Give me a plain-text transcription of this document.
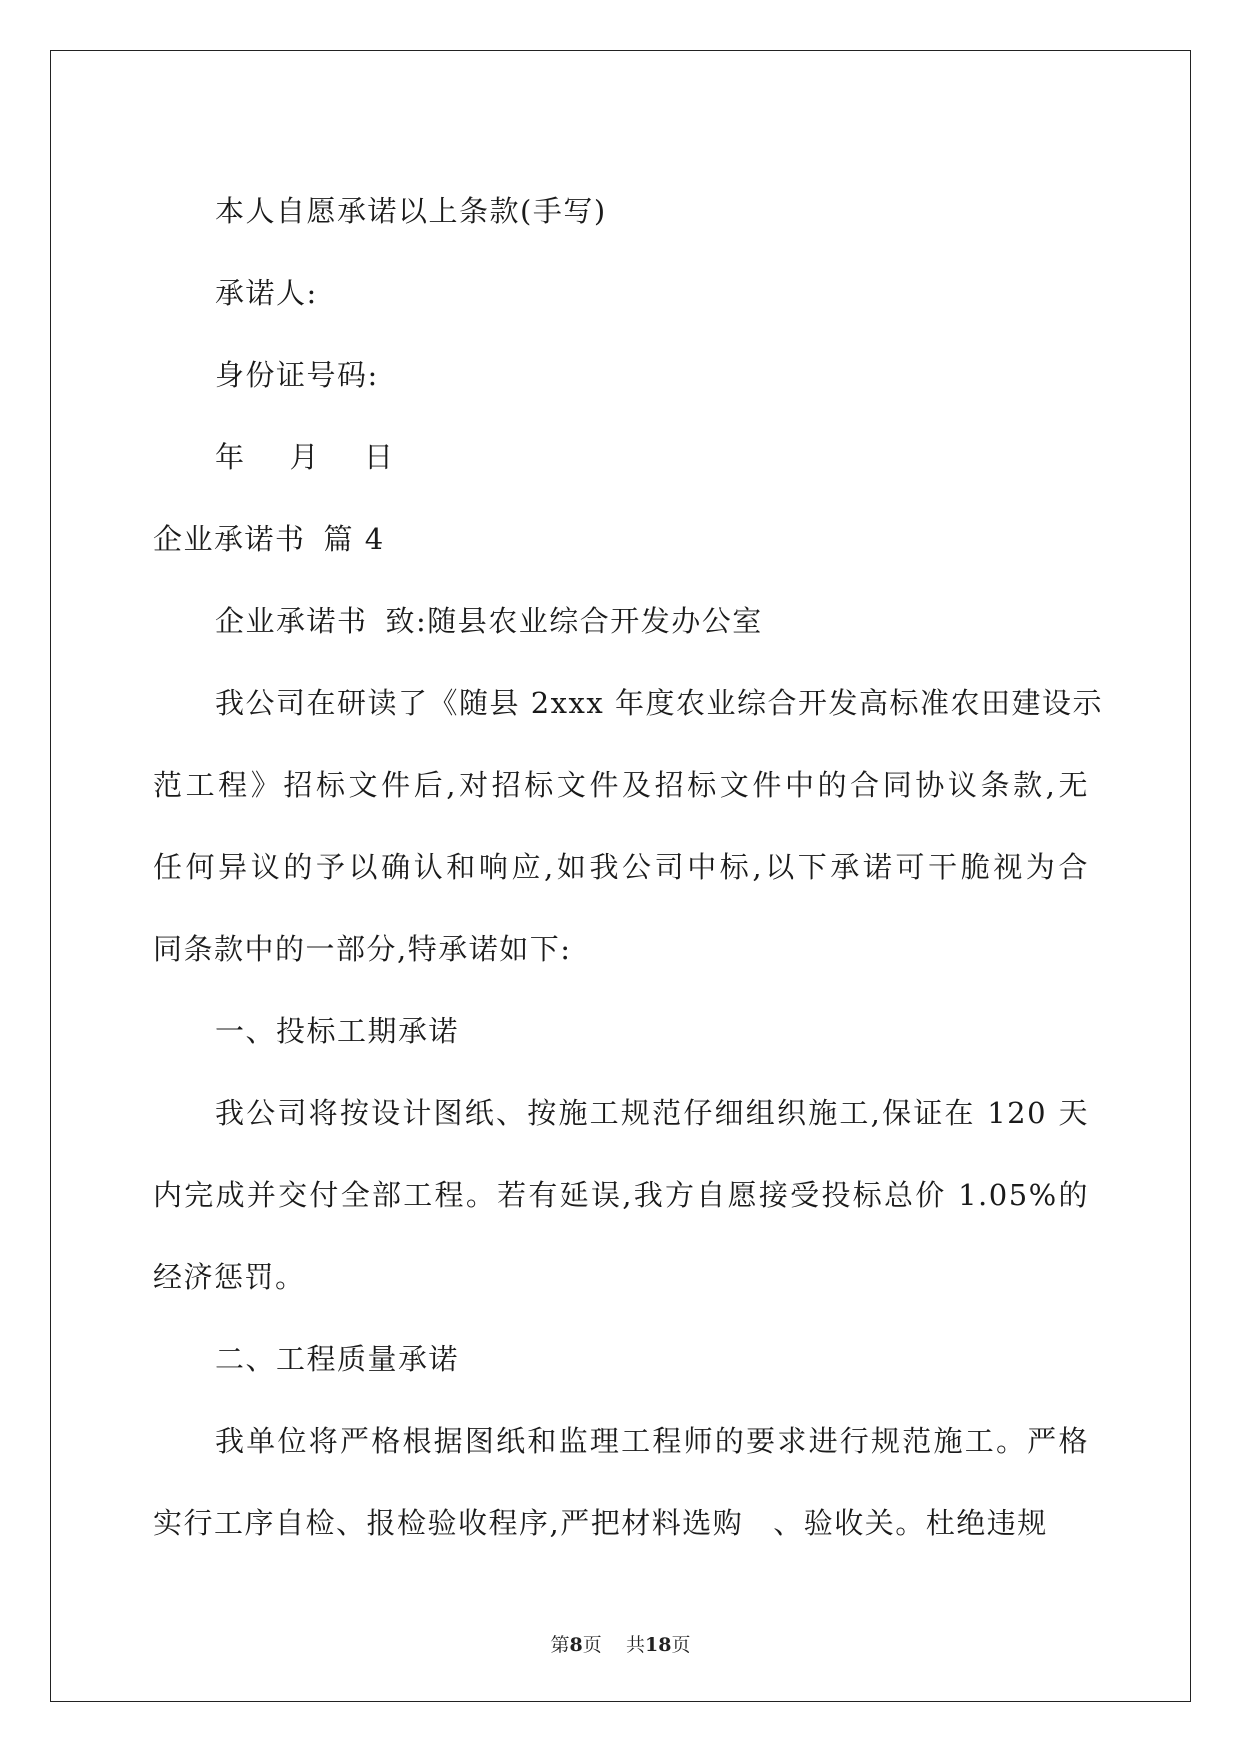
本人自愿承诺以上条款(手写)
承诺人:
身份证号码:
年 月 日
企业承诺书 篇 4
企业承诺书 致:随县农业综合开发办公室
我公司在研读了《随县 2xxx 年度农业综合开发高标准农田建设示
范工程》招标文件后,对招标文件及招标文件中的合同协议条款,无
任何异议的予以确认和响应,如我公司中标,以下承诺可干脆视为合
同条款中的一部分,特承诺如下:
一、投标工期承诺
我公司将按设计图纸、按施工规范仔细组织施工,保证在 120 天
内完成并交付全部工程。若有延误,我方自愿接受投标总价 1.05%的
经济惩罚。
二、工程质量承诺
我单位将严格根据图纸和监理工程师的要求进行规范施工。严格
实行工序自检、报检验收程序,严把材料选购 、验收关。杜绝违规
第8页 共18页
